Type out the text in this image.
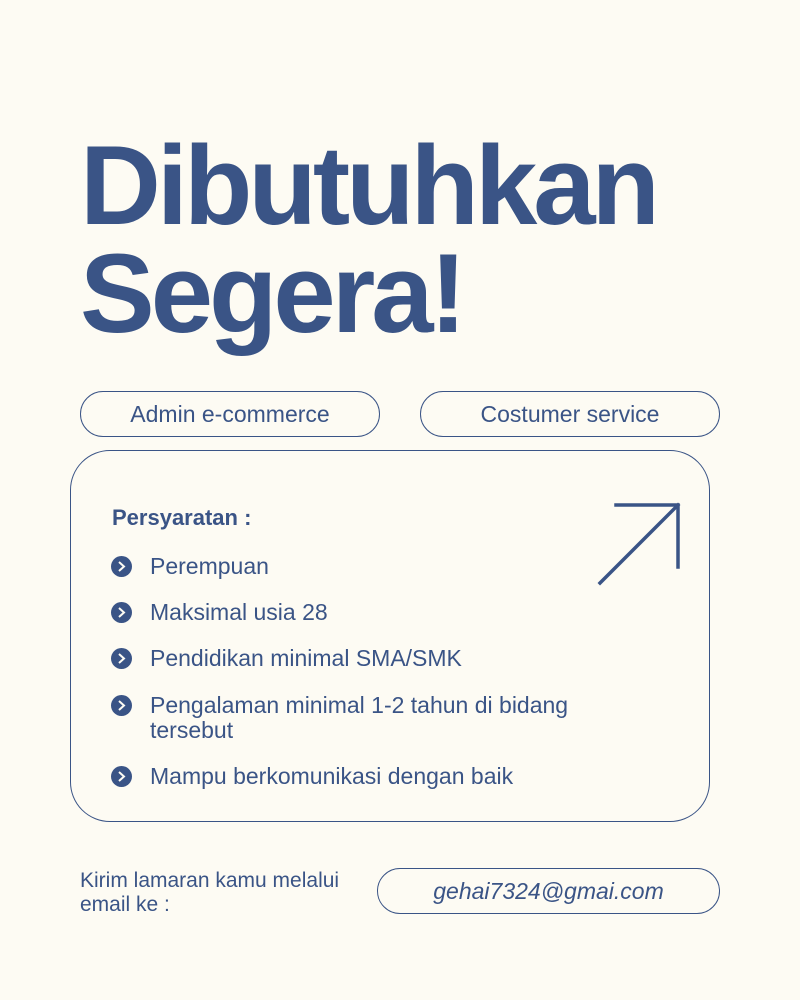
Dibutuhkan
Segera!
Admin e-commerce	Costumer service
Persyaratan :
Perempuan
Maksimal usia 28
Pendidikan minimal SMA/SMK
Pengalaman minimal 1-2 tahun di bidang tersebut
Mampu berkomunikasi dengan baik

Kirim lamaran kamu melalui email ke :

gehai7324@gmai.com
